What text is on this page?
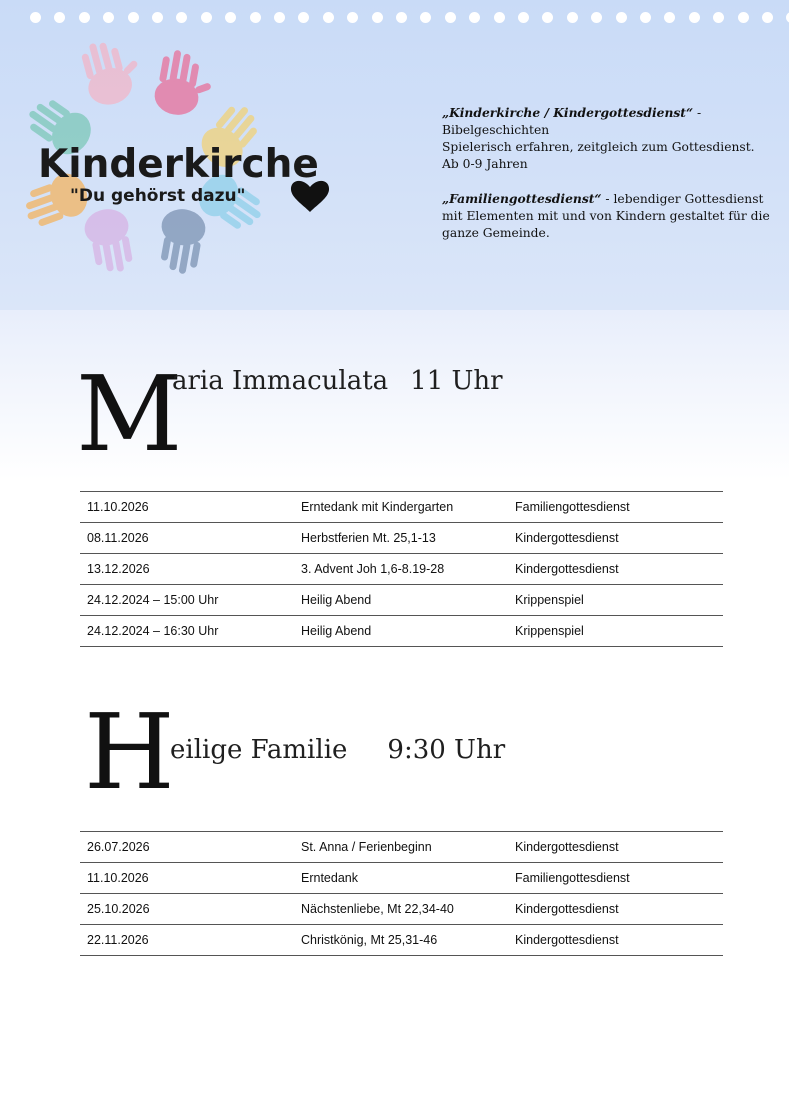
Kinderkirche
"Du gehörst dazu"

„Kinderkirche / Kindergottesdienst“ -

Bibelgeschichten

Spielerisch erfahren, zeitgleich zum Gottesdienst.

Ab 0-9 Jahren

„Familiengottesdienst“ - lebendiger Gottesdienst mit Elementen mit und von Kindern gestaltet für die ganze Gemeinde.

M
aria Immaculata 11 Uhr
11.10.2026	Erntedank mit Kindergarten	Familiengottesdienst
08.11.2026	Herbstferien Mt. 25,1-13	Kindergottesdienst
13.12.2026	3. Advent Joh 1,6-8.19-28	Kindergottesdienst
24.12.2024 – 15:00 Uhr	Heilig Abend	Krippenspiel
24.12.2024 – 16:30 Uhr	Heilig Abend	Krippenspiel
H
eilige Familie 9:30 Uhr
26.07.2026	St. Anna / Ferienbeginn	Kindergottesdienst
11.10.2026	Erntedank	Familiengottesdienst
25.10.2026	Nächstenliebe, Mt 22,34-40	Kindergottesdienst
22.11.2026	Christkönig, Mt 25,31-46	Kindergottesdienst
